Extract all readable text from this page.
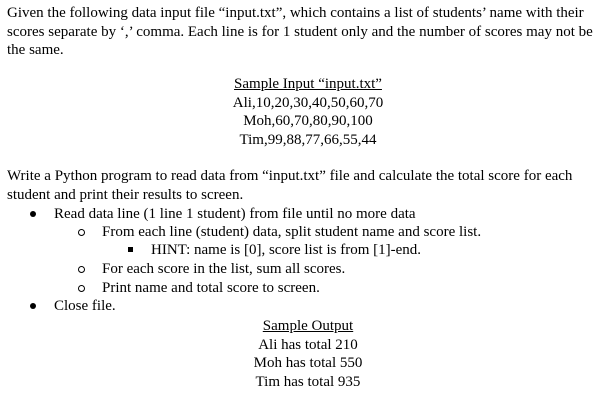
Given the following data input file “input.txt”, which contains a list of students’ name with their scores separate by ‘,’ comma. Each line is for 1 student only and the number of scores may not be the same.

Sample Input “input.txt”
Ali,10,20,30,40,50,60,70
Moh,60,70,80,90,100
Tim,99,88,77,66,55,44

Write a Python program to read data from “input.txt” file and calculate the total score for each student and print their results to screen.

Read data line (1 line 1 student) from file until no more data
From each line (student) data, split student name and score list.
HINT: name is [0], score list is from [1]-end.
For each score in the list, sum all scores.
Print name and total score to screen.
Close file.
Sample Output
Ali has total 210
Moh has total 550
Tim has total 935
